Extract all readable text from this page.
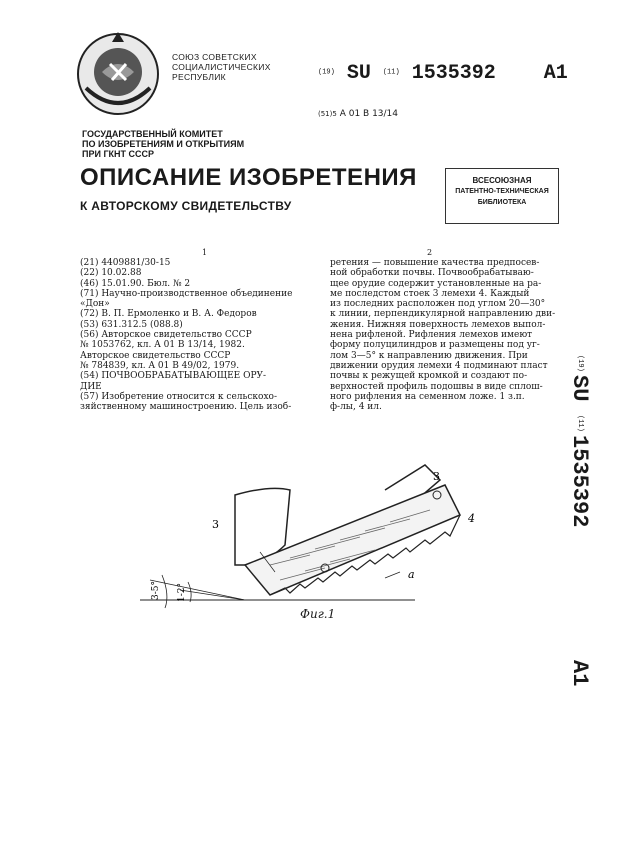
СОЮЗ СОВЕТСКИХ
СОЦИАЛИСТИЧЕСКИХ
РЕСПУБЛИК	(19) SU (11) 1535392 A1
(51)5 A 01 B 13/14
ГОСУДАРСТВЕННЫЙ КОМИТЕТ
ПО ИЗОБРЕТЕНИЯМ И ОТКРЫТИЯМ
ПРИ ГКНТ СССР
ОПИСАНИЕ ИЗОБРЕТЕНИЯ
К АВТОРСКОМУ СВИДЕТЕЛЬСТВУ
ВСЕСОЮЗНАЯ
ПАТЕНТНО-ТЕХНИЧЕСКАЯ
БИБЛИОТЕКА
1	2
(21) 4409881/30-15
(22) 10.02.88
(46) 15.01.90. Бюл. № 2
(71) Научно-производственное объединение
«Дон»
(72) В. П. Ермоленко и В. А. Федоров
(53) 631.312.5 (088.8)
(56) Авторское свидетельство СССР
№ 1053762, кл. A 01 B 13/14, 1982.
Авторское свидетельство СССР
№ 784839, кл. A 01 B 49/02, 1979.
(54) ПОЧВООБРАБАТЫВАЮЩЕЕ ОРУ-
ДИЕ
(57) Изобретение относится к сельскохо-
зяйственному машиностроению. Цель изоб-
ретения — повышение качества предпосев-
ной обработки почвы. Почвообрабатываю-
щее орудие содержит установленные на ра-
ме последстом стоек 3 лемехи 4. Каждый
из последних расположен под углом 20—30°
к линии, перпендикулярной направлению дви-
жения. Нижняя поверхность лемехов выпол-
нена рифленой. Рифления лемехов имеют
форму полуцилиндров и размещены под уг-
лом 3—5° к направлению движения. При
движении орудия лемехи 4 подминают пласт
почвы к режущей кромкой и создают по-
верхностей профиль подошвы в виде сплош-
ного рифления на семенном ложе. 1 з.п.
ф-лы, 4 ил.
3
3
4
a
3-5° 1-2°
Фиг.1
(19)
SU
(11)
1535392
A1
